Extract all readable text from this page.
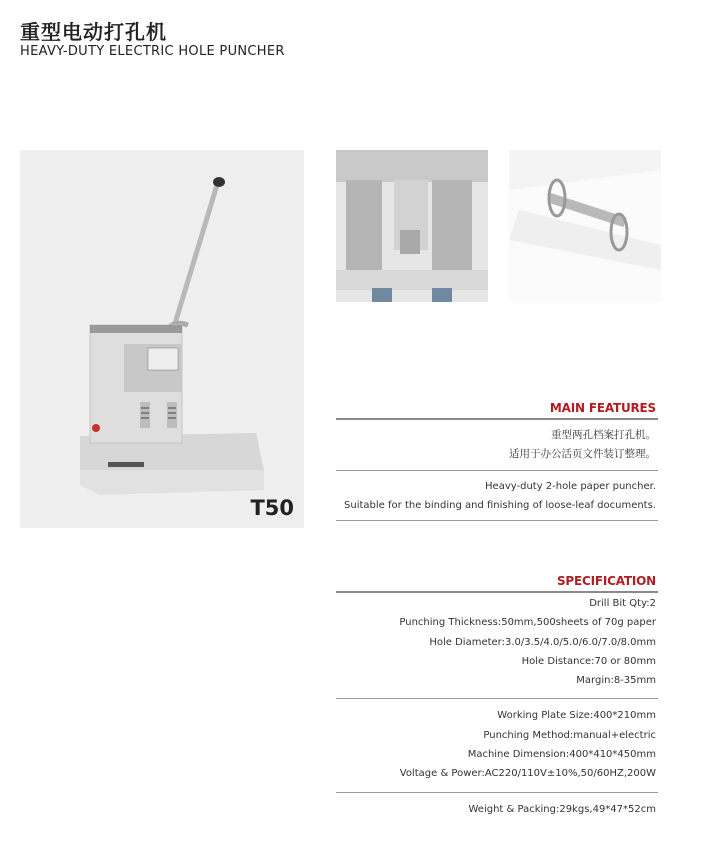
重型电动打孔机
HEAVY-DUTY ELECTRIC HOLE PUNCHER
T50
MAIN FEATURES
重型两孔档案打孔机。
适用于办公活页文件装订整理。
Heavy-duty 2-hole paper puncher.
Suitable for the binding and finishing of loose-leaf documents.
SPECIFICATION
Drill Bit Qty:2
Punching Thickness:50mm,500sheets of 70g paper
Hole Diameter:3.0/3.5/4.0/5.0/6.0/7.0/8.0mm
Hole Distance:70 or 80mm
Margin:8-35mm
Working Plate Size:400*210mm
Punching Method:manual+electric
Machine Dimension:400*410*450mm
Voltage & Power:AC220/110V±10%,50/60HZ,200W
Weight & Packing:29kgs,49*47*52cm
